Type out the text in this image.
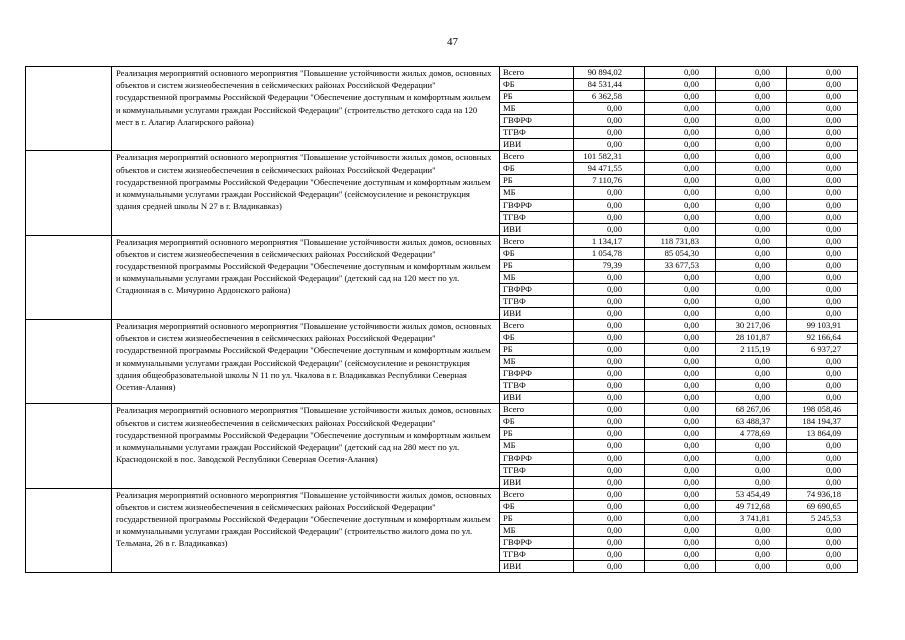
47
	Реализация мероприятий основного мероприятия "Повышение устойчивости жилых домов, основных объектов и систем жизнеобеспечения в сейсмических районах Российской Федерации" государственной программы Российской Федерации "Обеспечение доступным и комфортным жильем и коммунальными услугами граждан Российской Федерации" (строительство детского сада на 120 мест в г. Алагир Алагирского района)	Всего	90 894,02	0,00	0,00	0,00
		ФБ	84 531,44	0,00	0,00	0,00
		РБ	6 362,58	0,00	0,00	0,00
		МБ	0,00	0,00	0,00	0,00
		ГВФРФ	0,00	0,00	0,00	0,00
		ТГВФ	0,00	0,00	0,00	0,00
		ИВИ	0,00	0,00	0,00	0,00
	Реализация мероприятий основного мероприятия "Повышение устойчивости жилых домов, основных объектов и систем жизнеобеспечения в сейсмических районах Российской Федерации" государственной программы Российской Федерации "Обеспечение доступным и комфортным жильем и коммунальными услугами граждан Российской Федерации" (сейсмоусиление и реконструкция здания средней школы N 27 в г. Владикавказ)	Всего	101 582,31	0,00	0,00	0,00
		ФБ	94 471,55	0,00	0,00	0,00
		РБ	7 110,76	0,00	0,00	0,00
		МБ	0,00	0,00	0,00	0,00
		ГВФРФ	0,00	0,00	0,00	0,00
		ТГВФ	0,00	0,00	0,00	0,00
		ИВИ	0,00	0,00	0,00	0,00
	Реализация мероприятий основного мероприятия "Повышение устойчивости жилых домов, основных объектов и систем жизнеобеспечения в сейсмических районах Российской Федерации" государственной программы Российской Федерации "Обеспечение доступным и комфортным жильем и коммунальными услугами граждан Российской Федерации" (детский сад на 120 мест по ул. Стадионная в с. Мичурино Ардонского района)	Всего	1 134,17	118 731,83	0,00	0,00
		ФБ	1 054,78	85 054,30	0,00	0,00
		РБ	79,39	33 677,53	0,00	0,00
		МБ	0,00	0,00	0,00	0,00
		ГВФРФ	0,00	0,00	0,00	0,00
		ТГВФ	0,00	0,00	0,00	0,00
		ИВИ	0,00	0,00	0,00	0,00
	Реализация мероприятий основного мероприятия "Повышение устойчивости жилых домов, основных объектов и систем жизнеобеспечения в сейсмических районах Российской Федерации" государственной программы Российской Федерации "Обеспечение доступным и комфортным жильем и коммунальными услугами граждан Российской Федерации" (сейсмоусиление и реконструкция здания общеобразовательной школы N 11 по ул. Чкалова в г. Владикавказ Республики Северная Осетия-Алания)	Всего	0,00	0,00	30 217,06	99 103,91
		ФБ	0,00	0,00	28 101,87	92 166,64
		РБ	0,00	0,00	2 115,19	6 937,27
		МБ	0,00	0,00	0,00	0,00
		ГВФРФ	0,00	0,00	0,00	0,00
		ТГВФ	0,00	0,00	0,00	0,00
		ИВИ	0,00	0,00	0,00	0,00
	Реализация мероприятий основного мероприятия "Повышение устойчивости жилых домов, основных объектов и систем жизнеобеспечения в сейсмических районах Российской Федерации" государственной программы Российской Федерации "Обеспечение доступным и комфортным жильем и коммунальными услугами граждан Российской Федерации" (детский сад на 280 мест по ул. Краснодонской в пос. Заводской Республики Северная Осетия-Алания)	Всего	0,00	0,00	68 267,06	198 058,46
		ФБ	0,00	0,00	63 488,37	184 194,37
		РБ	0,00	0,00	4 778,69	13 864,09
		МБ	0,00	0,00	0,00	0,00
		ГВФРФ	0,00	0,00	0,00	0,00
		ТГВФ	0,00	0,00	0,00	0,00
		ИВИ	0,00	0,00	0,00	0,00
	Реализация мероприятий основного мероприятия "Повышение устойчивости жилых домов, основных объектов и систем жизнеобеспечения в сейсмических районах Российской Федерации" государственной программы Российской Федерации "Обеспечение доступным и комфортным жильем и коммунальными услугами граждан Российской Федерации" (строительство жилого дома по ул. Тельмана, 26 в г. Владикавказ)	Всего	0,00	0,00	53 454,49	74 936,18
		ФБ	0,00	0,00	49 712,68	69 690,65
		РБ	0,00	0,00	3 741,81	5 245,53
		МБ	0,00	0,00	0,00	0,00
		ГВФРФ	0,00	0,00	0,00	0,00
		ТГВФ	0,00	0,00	0,00	0,00
		ИВИ	0,00	0,00	0,00	0,00
